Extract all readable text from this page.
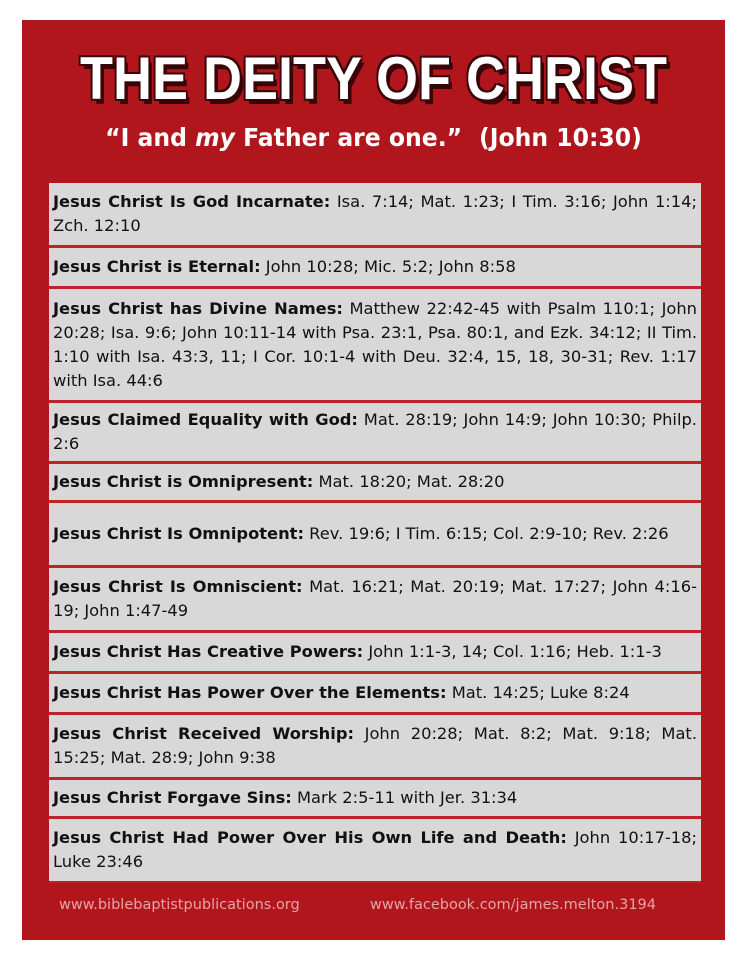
THE DEITY OF CHRIST
“I and my Father are one.” (John 10:30)
Jesus Christ Is God Incarnate: Isa. 7:14; Mat. 1:23; I Tim. 3:16; John 1:14; Zch. 12:10
Jesus Christ is Eternal: John 10:28; Mic. 5:2; John 8:58
Jesus Christ has Divine Names: Matthew 22:42-45 with Psalm 110:1; John 20:28; Isa. 9:6; John 10:11-14 with Psa. 23:1, Psa. 80:1, and Ezk. 34:12; II Tim. 1:10 with Isa. 43:3, 11; I Cor. 10:1-4 with Deu. 32:4, 15, 18, 30-31; Rev. 1:17 with Isa. 44:6
Jesus Claimed Equality with God: Mat. 28:19; John 14:9; John 10:30; Philp. 2:6
Jesus Christ is Omnipresent: Mat. 18:20; Mat. 28:20
Jesus Christ Is Omnipotent: Rev. 19:6; I Tim. 6:15; Col. 2:9-10; Rev. 2:26
Jesus Christ Is Omniscient: Mat. 16:21; Mat. 20:19; Mat. 17:27; John 4:16-19; John 1:47-49
Jesus Christ Has Creative Powers: John 1:1-3, 14; Col. 1:16; Heb. 1:1-3
Jesus Christ Has Power Over the Elements: Mat. 14:25; Luke 8:24
Jesus Christ Received Worship: John 20:28; Mat. 8:2; Mat. 9:18; Mat. 15:25; Mat. 28:9; John 9:38
Jesus Christ Forgave Sins: Mark 2:5-11 with Jer. 31:34
Jesus Christ Had Power Over His Own Life and Death: John 10:17-18; Luke 23:46
www.biblebaptistpublications.org	www.facebook.com/james.melton.3194
